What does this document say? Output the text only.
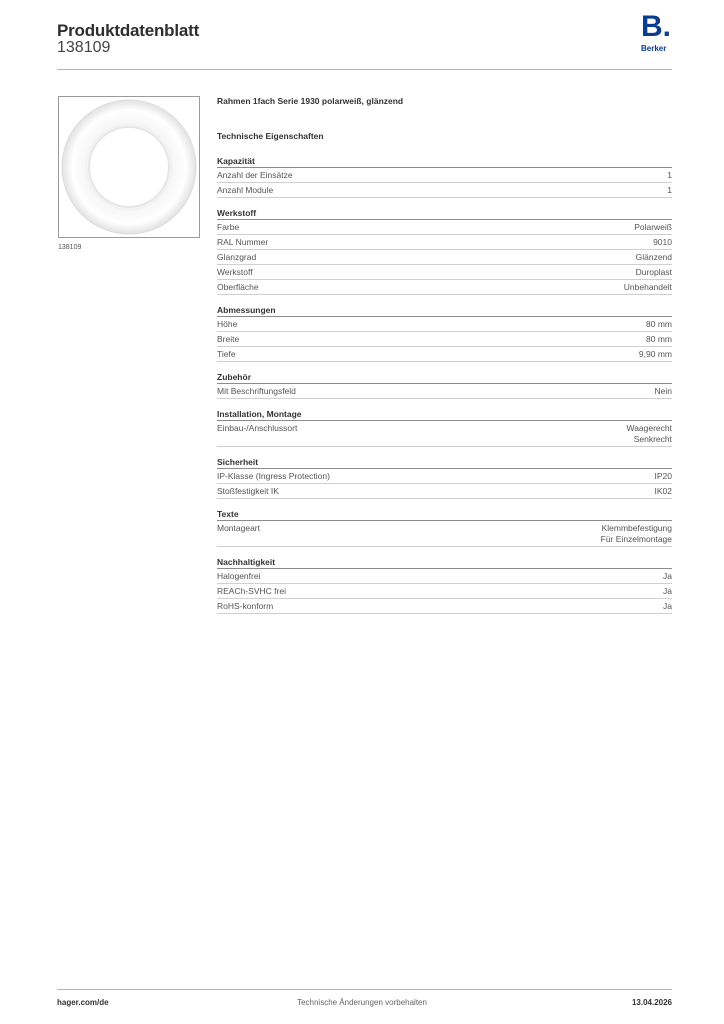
Produktdatenblatt
138109
B.
Berker
138109
Rahmen 1fach Serie 1930 polarweiß, glänzend
Technische Eigenschaften
Kapazität
Anzahl der Einsätze	1
Anzahl Module	1
Werkstoff
Farbe	Polarweiß
RAL Nummer	9010
Glanzgrad	Glänzend
Werkstoff	Duroplast
Oberfläche	Unbehandelt
Abmessungen
Höhe	80 mm
Breite	80 mm
Tiefe	9,90 mm
Zubehör
Mit Beschriftungsfeld	Nein
Installation, Montage
Einbau-/Anschlussort	Waagerecht
Senkrecht
Sicherheit
IP-Klasse (Ingress Protection)	IP20
Stoßfestigkeit IK	IK02
Texte
Montageart	Klemmbefestigung
Für Einzelmontage
Nachhaltigkeit
Halogenfrei	Ja
REACh-SVHC frei	Ja
RoHS-konform	Ja
hager.com/de	Technische Änderungen vorbehalten	13.04.2026
